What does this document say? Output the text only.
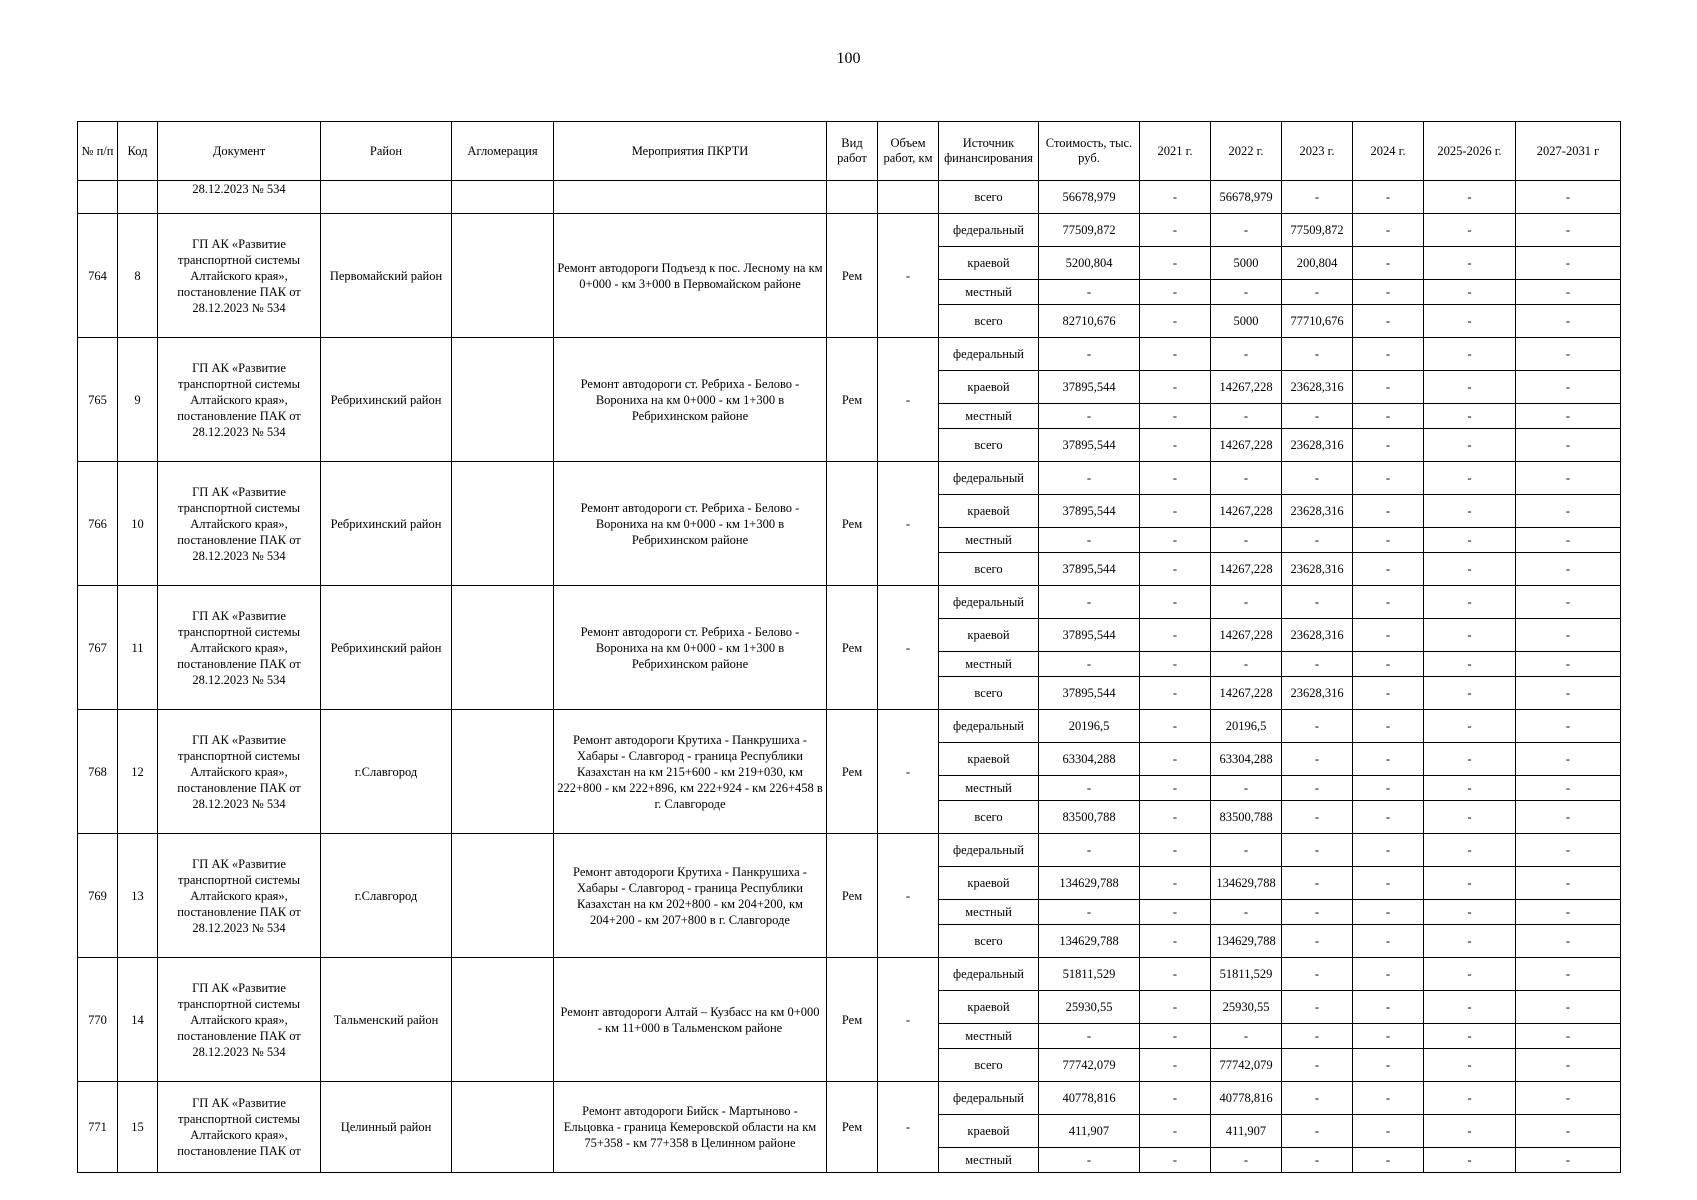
100
№ п/п	Код	Документ	Район	Агломерация	Мероприятия ПКРТИ	Вид работ	Объем работ, км	Источник финансирования	Стоимость, тыс. руб.	2021 г.	2022 г.	2023 г.	2024 г.	2025-2026 г.	2027-2031 г
		28.12.2023 № 534						всего	56678,979	-	56678,979	-	-	-	-
764	8	ГП АК «Развитие транспортной системы Алтайского края», постановление ПАК от 28.12.2023 № 534	Первомайский район		Ремонт автодороги Подъезд к пос. Лесному на км 0+000 - км 3+000 в Первомайском районе	Рем	-	федеральный	77509,872	-	-	77509,872	-	-	-
								краевой	5200,804	-	5000	200,804	-	-	-
								местный	-	-	-	-	-	-	-
								всего	82710,676	-	5000	77710,676	-	-	-
765	9	ГП АК «Развитие транспортной системы Алтайского края», постановление ПАК от 28.12.2023 № 534	Ребрихинский район		Ремонт автодороги ст. Ребриха - Белово - Ворониха на км 0+000 - км 1+300 в Ребрихинском районе	Рем	-	федеральный	-	-	-	-	-	-	-
								краевой	37895,544	-	14267,228	23628,316	-	-	-
								местный	-	-	-	-	-	-	-
								всего	37895,544	-	14267,228	23628,316	-	-	-
766	10	ГП АК «Развитие транспортной системы Алтайского края», постановление ПАК от 28.12.2023 № 534	Ребрихинский район		Ремонт автодороги ст. Ребриха - Белово - Ворониха на км 0+000 - км 1+300 в Ребрихинском районе	Рем	-	федеральный	-	-	-	-	-	-	-
								краевой	37895,544	-	14267,228	23628,316	-	-	-
								местный	-	-	-	-	-	-	-
								всего	37895,544	-	14267,228	23628,316	-	-	-
767	11	ГП АК «Развитие транспортной системы Алтайского края», постановление ПАК от 28.12.2023 № 534	Ребрихинский район		Ремонт автодороги ст. Ребриха - Белово - Ворониха на км 0+000 - км 1+300 в Ребрихинском районе	Рем	-	федеральный	-	-	-	-	-	-	-
								краевой	37895,544	-	14267,228	23628,316	-	-	-
								местный	-	-	-	-	-	-	-
								всего	37895,544	-	14267,228	23628,316	-	-	-
768	12	ГП АК «Развитие транспортной системы Алтайского края», постановление ПАК от 28.12.2023 № 534	г.Славгород		Ремонт автодороги Крутиха - Панкрушиха - Хабары - Славгород - граница Республики Казахстан на км 215+600 - км 219+030, км 222+800 - км 222+896, км 222+924 - км 226+458 в г. Славгороде	Рем	-	федеральный	20196,5	-	20196,5	-	-	-	-
								краевой	63304,288	-	63304,288	-	-	-	-
								местный	-	-	-	-	-	-	-
								всего	83500,788	-	83500,788	-	-	-	-
769	13	ГП АК «Развитие транспортной системы Алтайского края», постановление ПАК от 28.12.2023 № 534	г.Славгород		Ремонт автодороги Крутиха - Панкрушиха - Хабары - Славгород - граница Республики Казахстан на км 202+800 - км 204+200, км 204+200 - км 207+800 в г. Славгороде	Рем	-	федеральный	-	-	-	-	-	-	-
								краевой	134629,788	-	134629,788	-	-	-	-
								местный	-	-	-	-	-	-	-
								всего	134629,788	-	134629,788	-	-	-	-
770	14	ГП АК «Развитие транспортной системы Алтайского края», постановление ПАК от 28.12.2023 № 534	Тальменский район		Ремонт автодороги Алтай – Кузбасс на км 0+000 - км 11+000 в Тальменском районе	Рем	-	федеральный	51811,529	-	51811,529	-	-	-	-
								краевой	25930,55	-	25930,55	-	-	-	-
								местный	-	-	-	-	-	-	-
								всего	77742,079	-	77742,079	-	-	-	-
771	15	ГП АК «Развитие транспортной системы Алтайского края», постановление ПАК от	Целинный район		Ремонт автодороги Бийск - Мартыново - Ельцовка - граница Кемеровской области на км 75+358 - км 77+358 в Целинном районе	Рем	-	федеральный	40778,816	-	40778,816	-	-	-	-
								краевой	411,907	-	411,907	-	-	-	-
								местный	-	-	-	-	-	-	-
